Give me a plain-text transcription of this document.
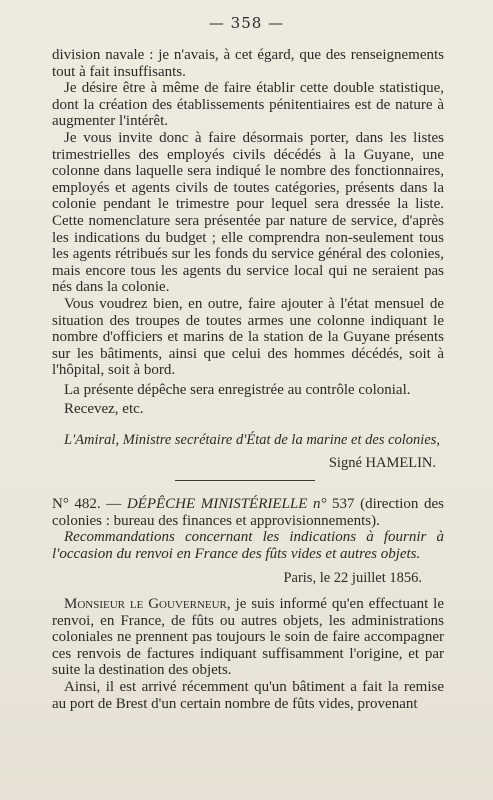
— 358 —

division navale : je n'avais, à cet égard, que des renseignements tout à fait insuffisants.

Je désire être à même de faire établir cette double statistique, dont la création des établissements pénitentiaires est de nature à augmenter l'intérêt.

Je vous invite donc à faire désormais porter, dans les listes trimestrielles des employés civils décédés à la Guyane, une colonne dans laquelle sera indiqué le nombre des fonctionnaires, employés et agents civils de toutes catégories, présents dans la colonie pendant le trimestre pour lequel sera dressée la liste. Cette nomenclature sera présentée par nature de service, d'après les indications du budget ; elle comprendra non-seulement tous les agents rétribués sur les fonds du service général des colonies, mais encore tous les agents du service local qui ne seraient pas nés dans la colonie.

Vous voudrez bien, en outre, faire ajouter à l'état mensuel de situation des troupes de toutes armes une colonne indiquant le nombre d'officiers et marins de la station de la Guyane présents sur les bâtiments, ainsi que celui des hommes décédés, soit à l'hôpital, soit à bord.

La présente dépêche sera enregistrée au contrôle colonial.

Recevez, etc.

L'Amiral, Ministre secrétaire d'État de la marine et des colonies,

Signé HAMELIN.

N° 482. — DÉPÊCHE MINISTÉRIELLE n° 537 (direction des colonies : bureau des finances et approvisionnements).

Recommandations concernant les indications à fournir à l'occasion du renvoi en France des fûts vides et autres objets.

Paris, le 22 juillet 1856.

Monsieur le Gouverneur, je suis informé qu'en effectuant le renvoi, en France, de fûts ou autres objets, les administrations coloniales ne prennent pas toujours le soin de faire accompagner ces renvois de factures indiquant suffisamment l'origine, et par suite la destination des objets.

Ainsi, il est arrivé récemment qu'un bâtiment a fait la remise au port de Brest d'un certain nombre de fûts vides, provenant
